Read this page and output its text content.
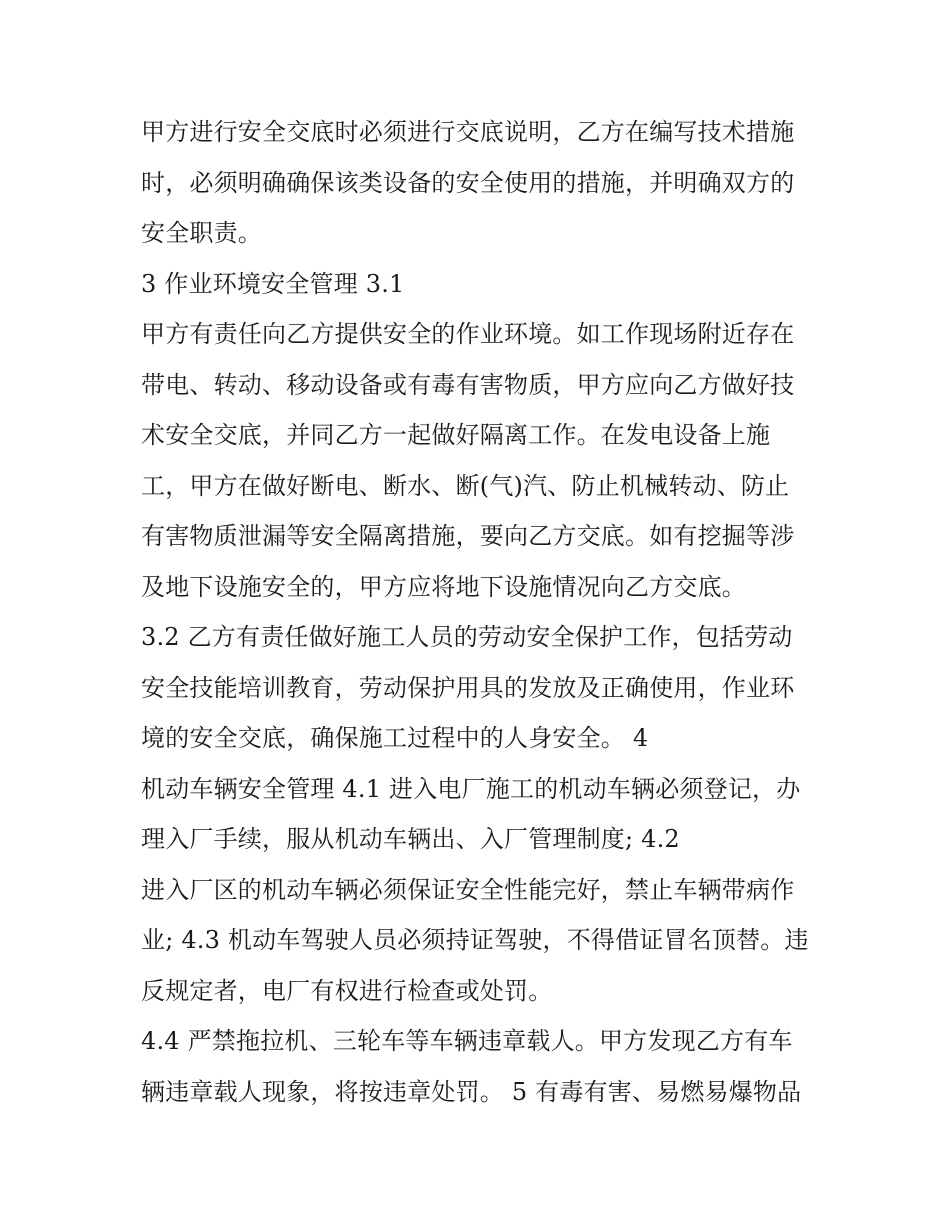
甲方进行安全交底时必须进行交底说明，乙方在编写技术措施
时，必须明确确保该类设备的安全使用的措施，并明确双方的
安全职责。
3 作业环境安全管理 3.1
甲方有责任向乙方提供安全的作业环境。如工作现场附近存在
带电、转动、移动设备或有毒有害物质，甲方应向乙方做好技
术安全交底，并同乙方一起做好隔离工作。在发电设备上施
工，甲方在做好断电、断水、断(气)汽、防止机械转动、防止
有害物质泄漏等安全隔离措施，要向乙方交底。如有挖掘等涉
及地下设施安全的，甲方应将地下设施情况向乙方交底。
3.2 乙方有责任做好施工人员的劳动安全保护工作，包括劳动
安全技能培训教育，劳动保护用具的发放及正确使用，作业环
境的安全交底，确保施工过程中的人身安全。 4
机动车辆安全管理 4.1 进入电厂施工的机动车辆必须登记，办
理入厂手续，服从机动车辆出、入厂管理制度; 4.2
进入厂区的机动车辆必须保证安全性能完好，禁止车辆带病作
业; 4.3 机动车驾驶人员必须持证驾驶，不得借证冒名顶替。违
反规定者，电厂有权进行检查或处罚。
4.4 严禁拖拉机、三轮车等车辆违章载人。甲方发现乙方有车
辆违章载人现象，将按违章处罚。 5 有毒有害、易燃易爆物品
